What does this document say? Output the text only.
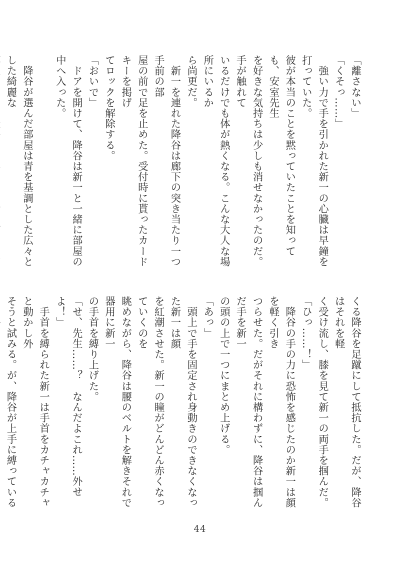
「離さない」
「くそっ……」
　強い力で手を引かれた新一の心臓は早鐘を打っていた。
彼が本当のことを黙っていたことを知っても、安室先生
を好きな気持ちは少しも消せなかったのだ。手が触れて
いるだけでも体が熱くなる。こんな大人な場所にいるか
ら尚更だ。
　新一を連れた降谷は廊下の突き当たり一つ手前の部
屋の前で足を止めた。受付時に貰ったカードキーを掲げ
てロックを解除する。
「おいで」
　ドアを開けて、降谷は新一と一緒に部屋の中へ入った。

　降谷が選んだ部屋は青を基調とした広々とした綺麗な
くる降谷を足蹴にして抵抗した。だが、降谷はそれを軽
く受け流し、膝を見て新一の両手を掴んだ。
「ひっ……！」
　降谷の手の力に恐怖を感じたのか新一は顔を軽く引き
つらせた。だがそれに構わずに、降谷は掴んだ手を新一
の頭の上で一つにまとめ上げる。
「あっ」
　頭上で手を固定され身動きのできなくなった新一は顔
を紅潮させた。新一の瞳がどんどん赤くなっていくのを
眺めながら、降谷は腰のベルトを解きそれで器用に新一
の手首を縛り上げた。
「せ、先生……？　なんだよこれ……外せよ！」
　手首を縛られた新一は手首をカチャカチャと動かし外
そうと試みる。が、降谷が上手に縛っている
44
